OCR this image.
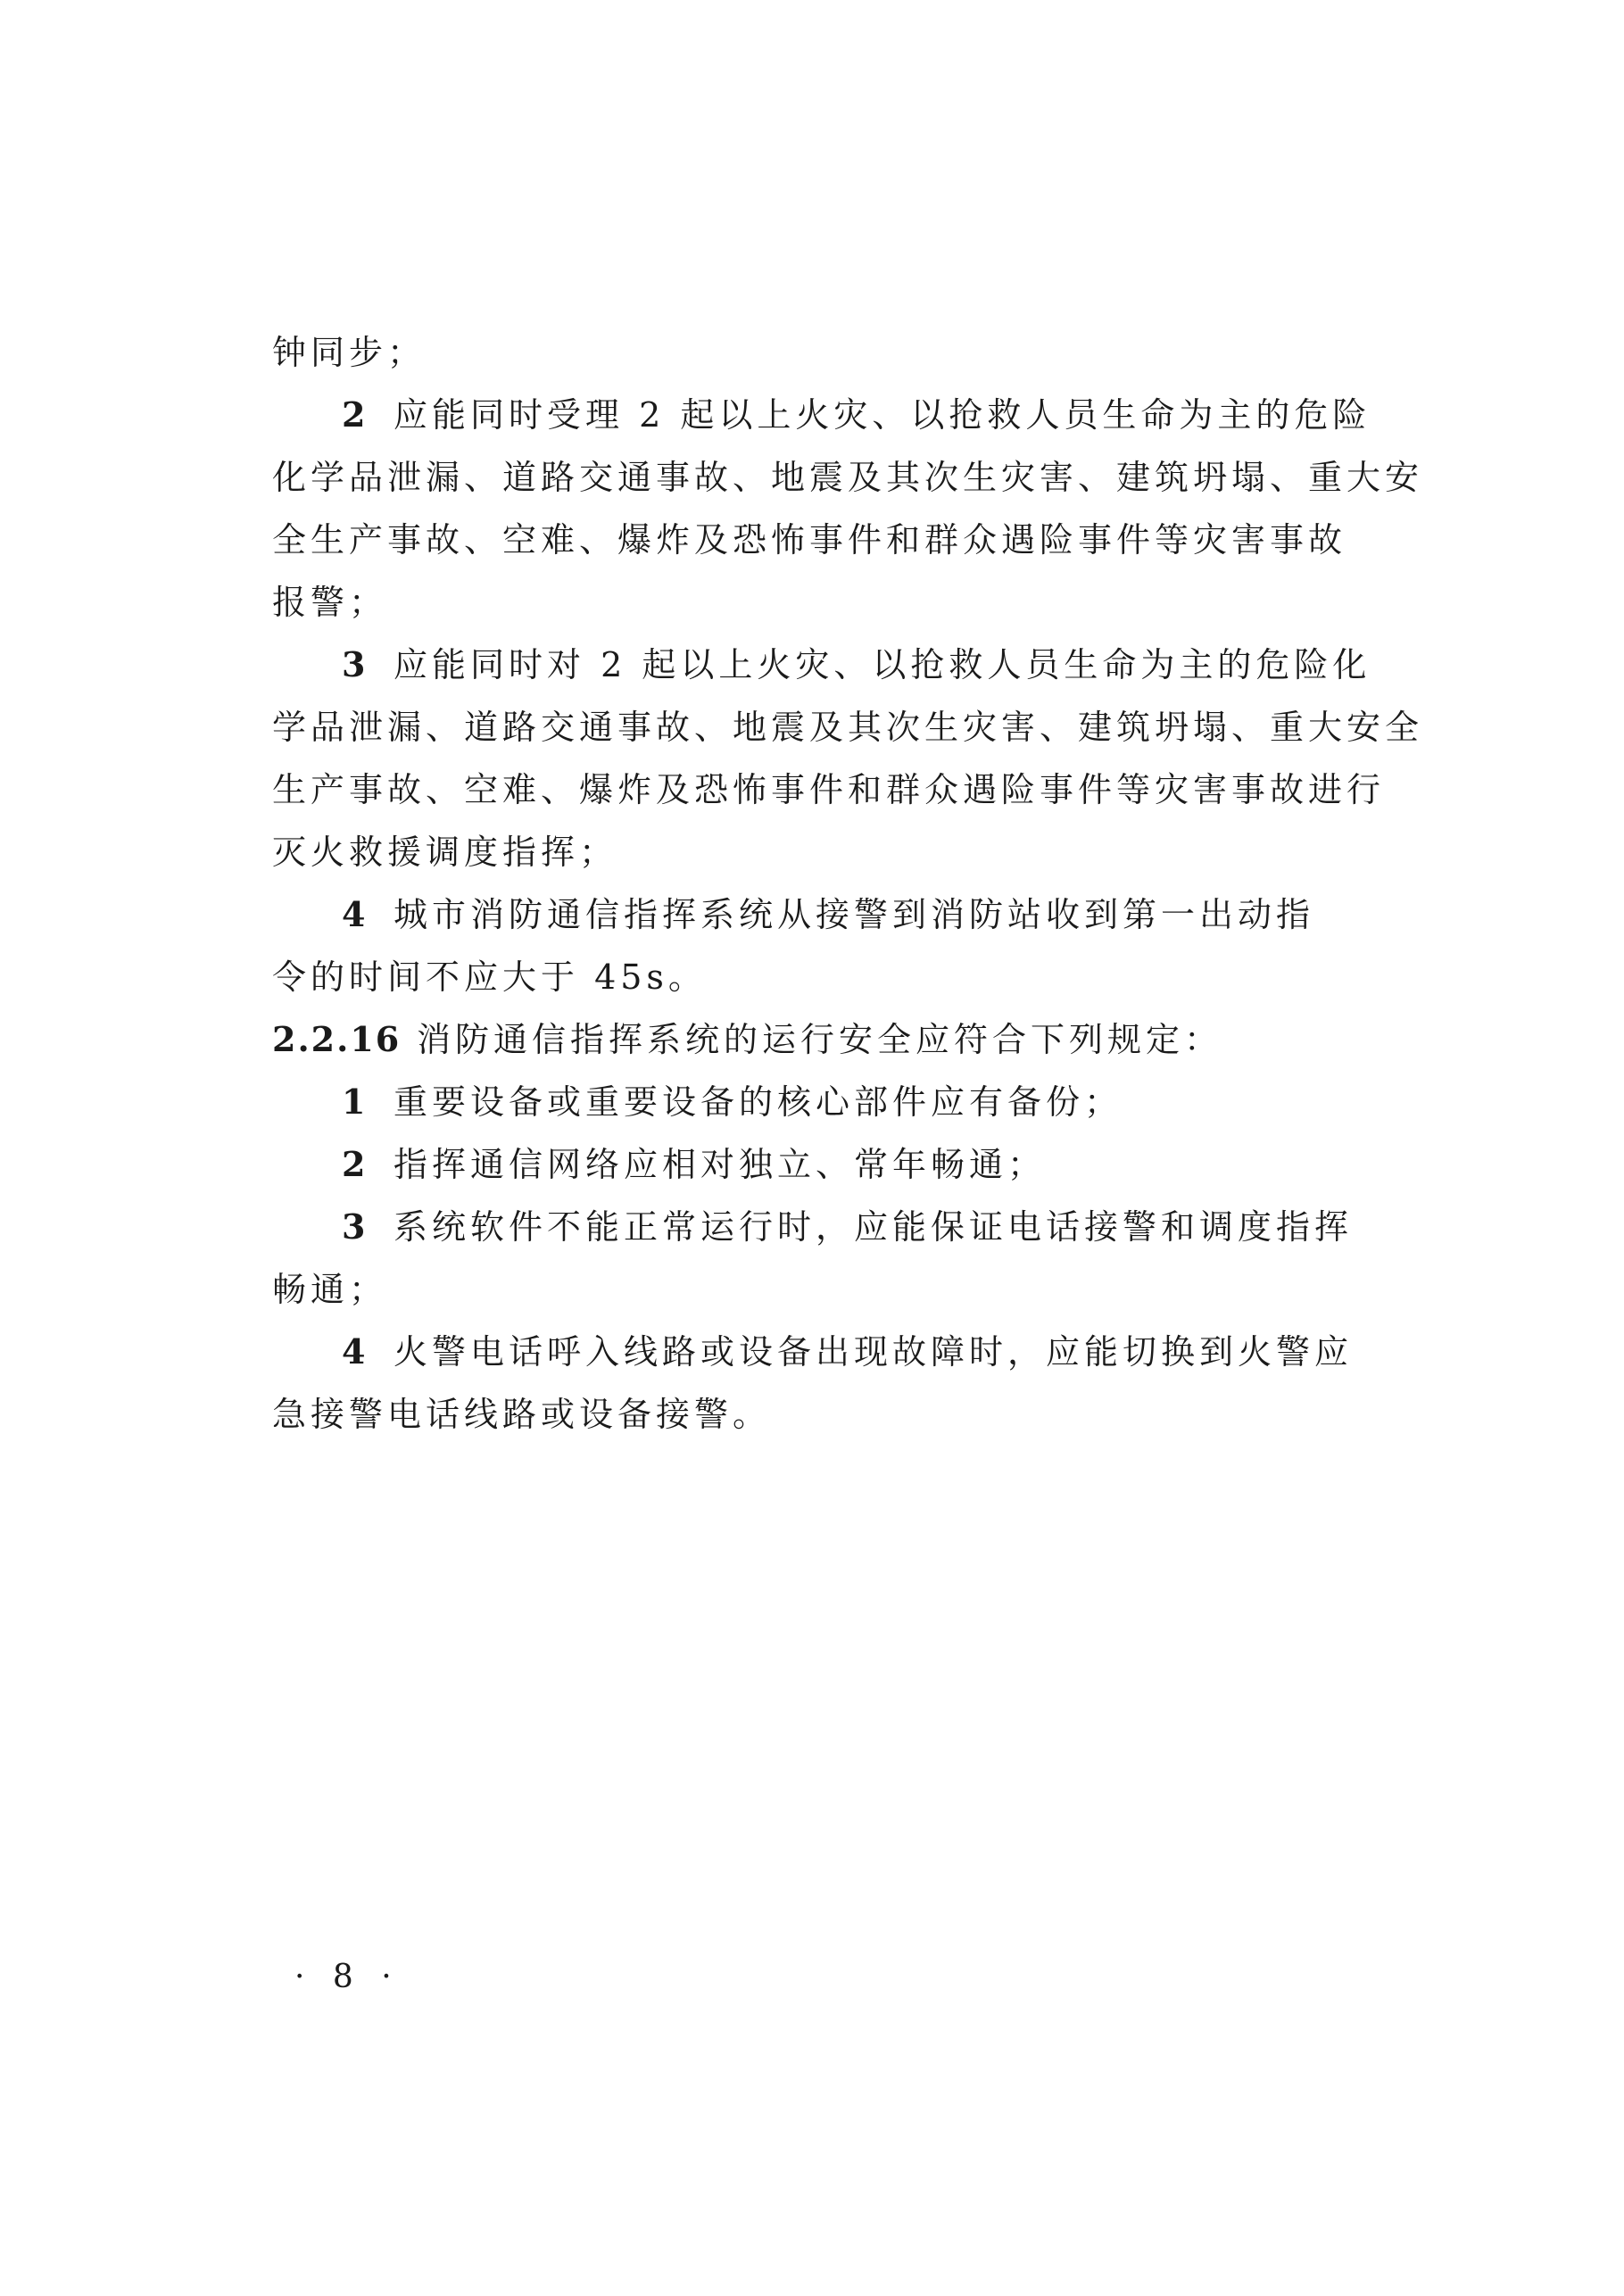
钟同步；
2 应能同时受理 2 起以上火灾、以抢救人员生命为主的危险
化学品泄漏、道路交通事故、地震及其次生灾害、建筑坍塌、重大安
全生产事故、空难、爆炸及恐怖事件和群众遇险事件等灾害事故
报警；
3 应能同时对 2 起以上火灾、以抢救人员生命为主的危险化
学品泄漏、道路交通事故、地震及其次生灾害、建筑坍塌、重大安全
生产事故、空难、爆炸及恐怖事件和群众遇险事件等灾害事故进行
灭火救援调度指挥；
4 城市消防通信指挥系统从接警到消防站收到第一出动指
令的时间不应大于 45s。
2.2.16 消防通信指挥系统的运行安全应符合下列规定：
1 重要设备或重要设备的核心部件应有备份；
2 指挥通信网络应相对独立、常年畅通；
3 系统软件不能正常运行时，应能保证电话接警和调度指挥
畅通；
4 火警电话呼入线路或设备出现故障时，应能切换到火警应
急接警电话线路或设备接警。
· 8 ·
